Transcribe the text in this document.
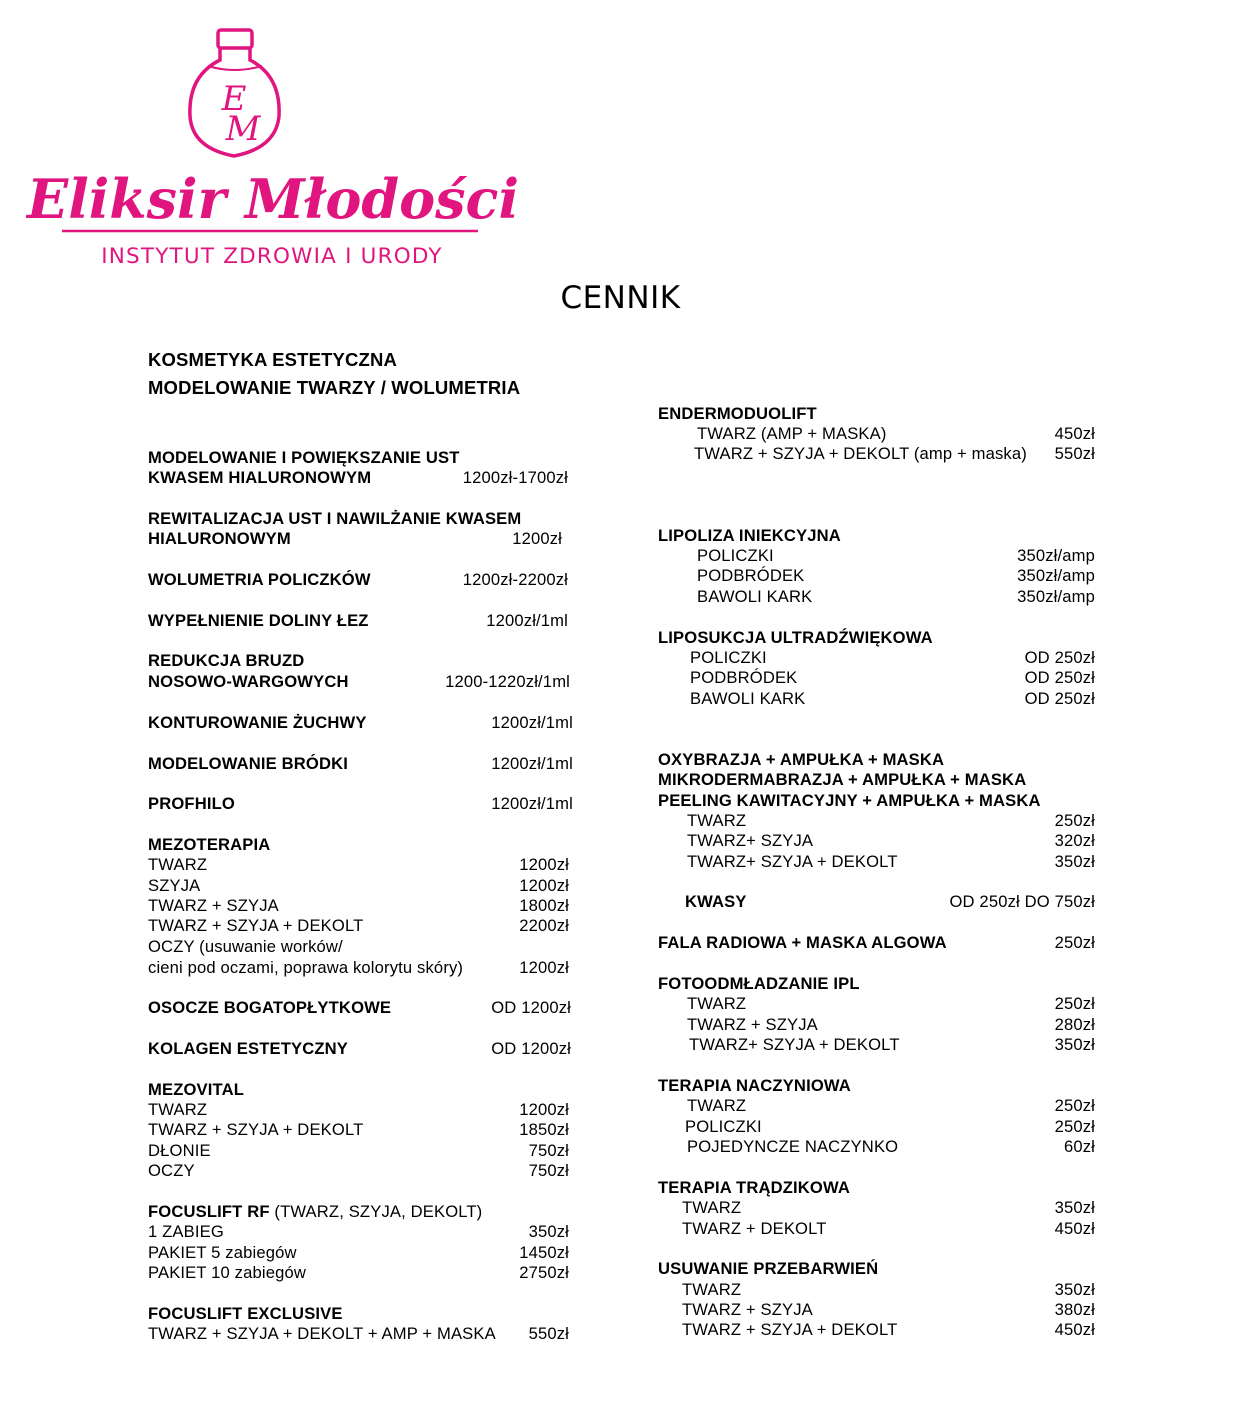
E
M
Eliksir Młodości
INSTYTUT ZDROWIA I URODY
CENNIK
KOSMETYKA ESTETYCZNA
MODELOWANIE TWARZY / WOLUMETRIA
MODELOWANIE I POWIĘKSZANIE UST
KWASEM HIALURONOWYM	1200zł-1700zł
REWITALIZACJA UST I NAWILŻANIE KWASEM
HIALURONOWYM	1200zł
WOLUMETRIA POLICZKÓW	1200zł-2200zł
WYPEŁNIENIE DOLINY ŁEZ	1200zł/1ml
REDUKCJA BRUZD
NOSOWO-WARGOWYCH	1200-1220zł/1ml
KONTUROWANIE ŻUCHWY	1200zł/1ml
MODELOWANIE BRÓDKI	1200zł/1ml
PROFHILO	1200zł/1ml
MEZOTERAPIA
TWARZ	1200zł
SZYJA	1200zł
TWARZ + SZYJA	1800zł
TWARZ + SZYJA + DEKOLT	2200zł
OCZY (usuwanie worków/
cieni pod oczami, poprawa kolorytu skóry)	1200zł
OSOCZE BOGATOPŁYTKOWE	OD 1200zł
KOLAGEN ESTETYCZNY	OD 1200zł
MEZOVITAL
TWARZ	1200zł
TWARZ + SZYJA + DEKOLT	1850zł
DŁONIE	750zł
OCZY	750zł
FOCUSLIFT RF (TWARZ, SZYJA, DEKOLT)
1 ZABIEG	350zł
PAKIET 5 zabiegów	1450zł
PAKIET 10 zabiegów	2750zł
FOCUSLIFT EXCLUSIVE
TWARZ + SZYJA + DEKOLT + AMP + MASKA 550zł
ENDERMODUOLIFT
TWARZ (AMP + MASKA)	450zł
TWARZ + SZYJA + DEKOLT (amp + maska) 550zł
LIPOLIZA INIEKCYJNA
POLICZKI	350zł/amp
PODBRÓDEK	350zł/amp
BAWOLI KARK	350zł/amp
LIPOSUKCJA ULTRADŹWIĘKOWA
POLICZKI	OD 250zł
PODBRÓDEK	OD 250zł
BAWOLI KARK	OD 250zł
OXYBRAZJA + AMPUŁKA + MASKA
MIKRODERMABRAZJA + AMPUŁKA + MASKA
PEELING KAWITACYJNY + AMPUŁKA + MASKA
TWARZ	250zł
TWARZ+ SZYJA	320zł
TWARZ+ SZYJA + DEKOLT	350zł
KWASY	OD 250zł DO 750zł
FALA RADIOWA + MASKA ALGOWA	250zł
FOTOODMŁADZANIE IPL
TWARZ	250zł
TWARZ + SZYJA	280zł
TWARZ+ SZYJA + DEKOLT	350zł
TERAPIA NACZYNIOWA
TWARZ	250zł
POLICZKI	250zł
POJEDYNCZE NACZYNKO	60zł
TERAPIA TRĄDZIKOWA
TWARZ	350zł
TWARZ + DEKOLT	450zł
USUWANIE PRZEBARWIEŃ
TWARZ	350zł
TWARZ + SZYJA	380zł
TWARZ + SZYJA + DEKOLT	450zł
